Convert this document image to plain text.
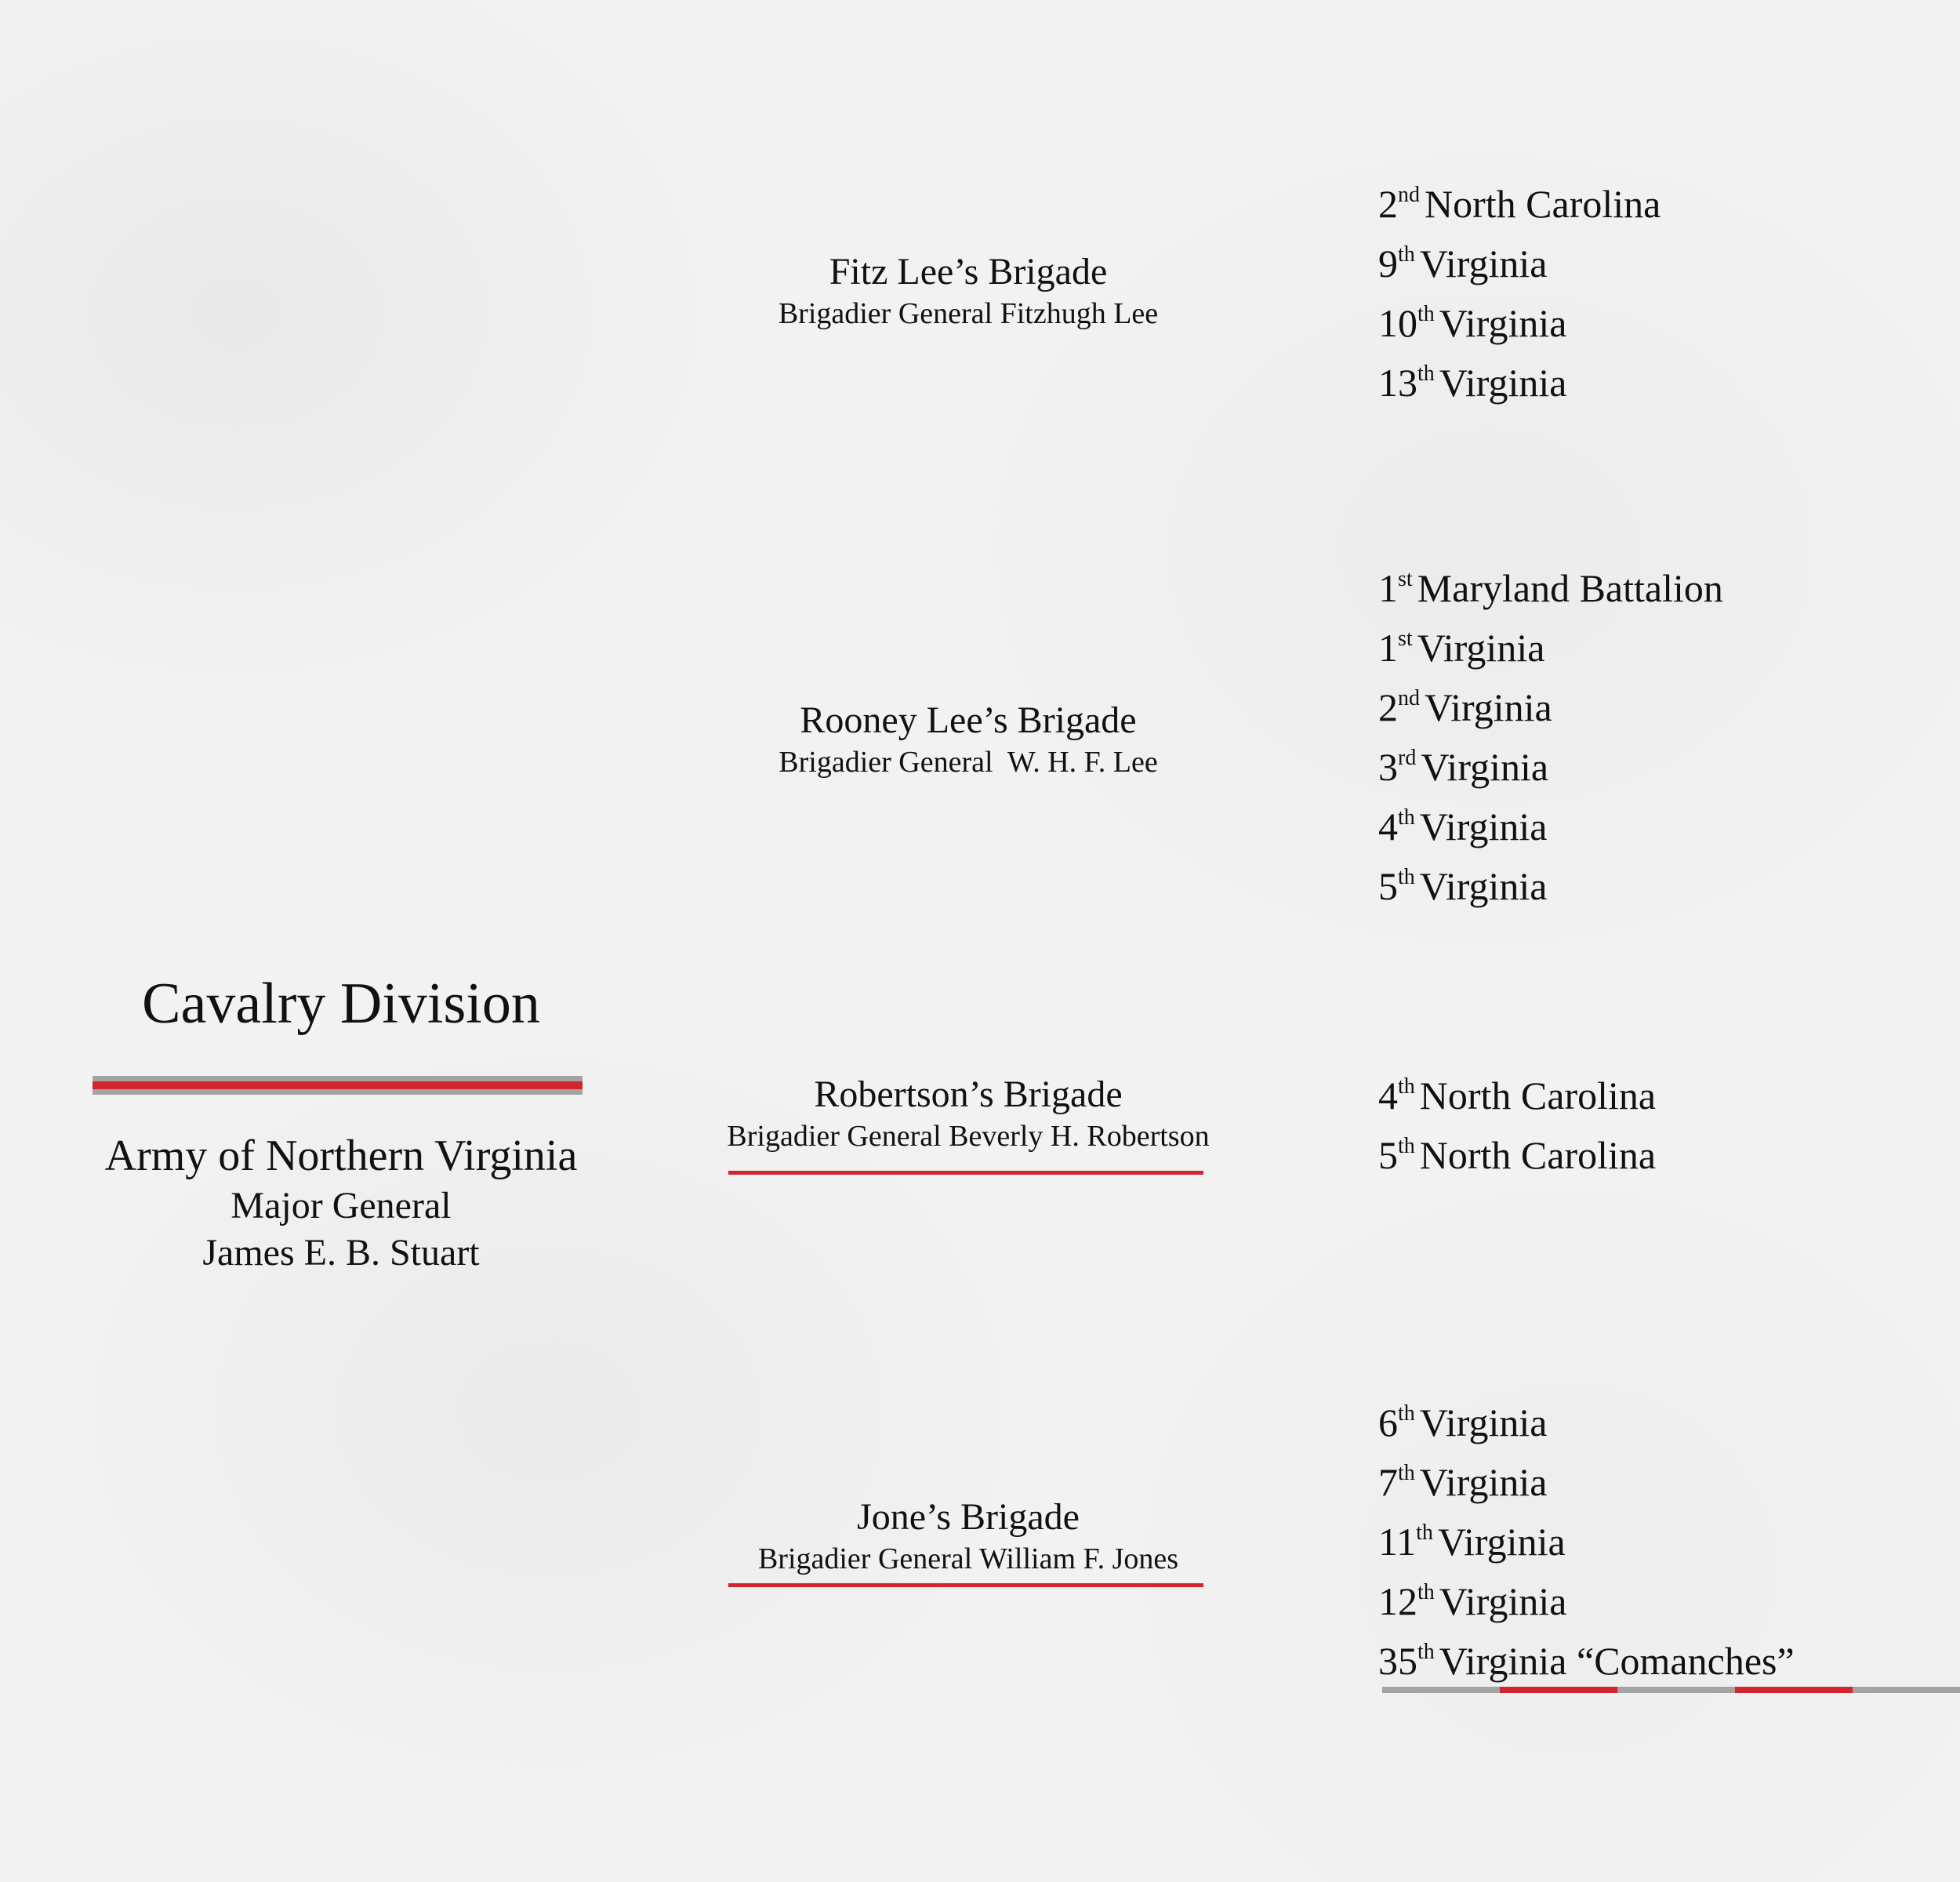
Cavalry Division
Army of Northern Virginia
Major General
James E. B. Stuart
Fitz Lee’s Brigade
Brigadier General Fitzhugh Lee
2nd North Carolina
9th Virginia
10th Virginia
13th Virginia
Rooney Lee’s Brigade
Brigadier General  W. H. F. Lee
1st Maryland Battalion
1st Virginia
2nd Virginia
3rd Virginia
4th Virginia
5th Virginia
Robertson’s Brigade
Brigadier General Beverly H. Robertson
4th North Carolina
5th North Carolina
Jone’s Brigade
Brigadier General William F. Jones
6th Virginia
7th Virginia
11th Virginia
12th Virginia
35th Virginia “Comanches”
